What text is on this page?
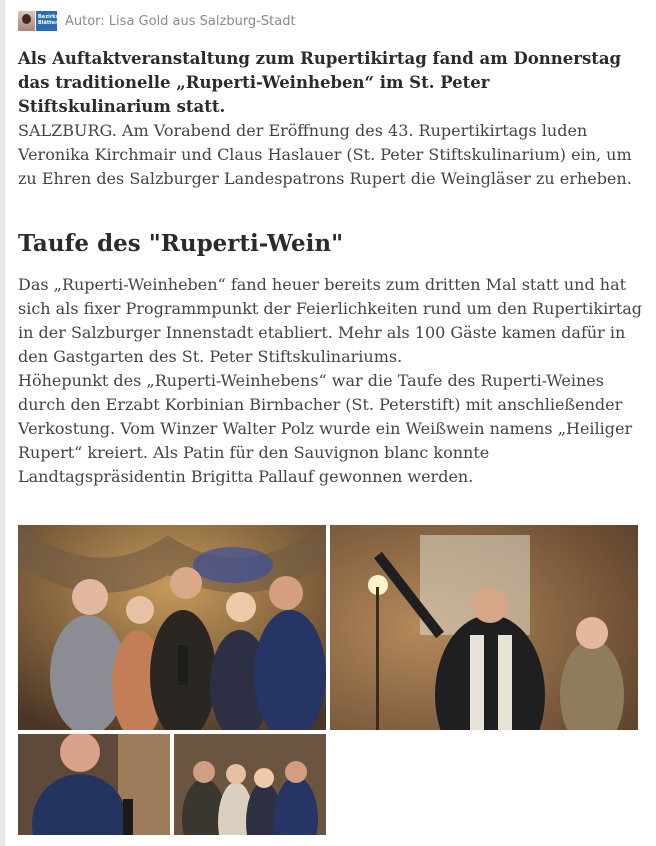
Bezirks Blätter Autor: Lisa Gold aus Salzburg-Stadt

Als Auftaktveranstaltung zum Rupertikirtag fand am Donnerstag das traditionelle „Ruperti-Weinheben“ im St. Peter Stiftskulinarium statt.

SALZBURG. Am Vorabend der Eröffnung des 43. Rupertikirtags luden Veronika Kirchmair und Claus Haslauer (St. Peter Stiftskulinarium) ein, um zu Ehren des Salzburger Landespatrons Rupert die Weingläser zu erheben.

Taufe des "Ruperti-Wein"
Das „Ruperti-Weinheben“ fand heuer bereits zum dritten Mal statt und hat sich als fixer Programmpunkt der Feierlichkeiten rund um den Rupertikirtag in der Salzburger Innenstadt etabliert. Mehr als 100 Gäste kamen dafür in den Gastgarten des St. Peter Stiftskulinariums.
Höhepunkt des „Ruperti-Weinhebens“ war die Taufe des Ruperti-Weines durch den Erzabt Korbinian Birnbacher (St. Peterstift) mit anschließender Verkostung. Vom Winzer Walter Polz wurde ein Weißwein namens „Heiliger Rupert“ kreiert. Als Patin für den Sauvignon blanc konnte Landtagspräsidentin Brigitta Pallauf gewonnen werden.
